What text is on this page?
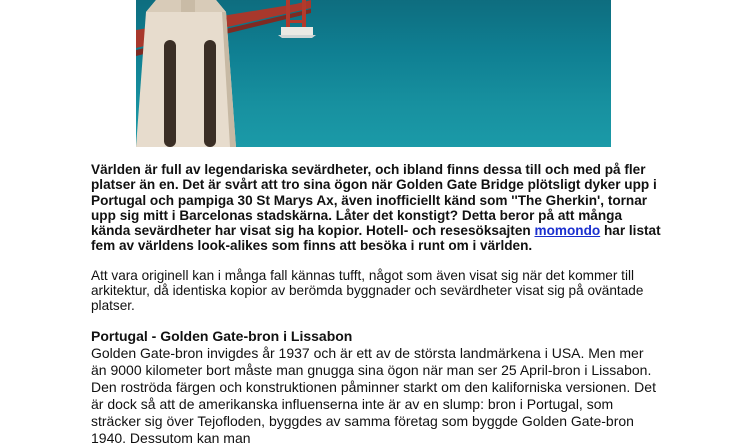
Världen är full av legendariska sevärdheter, och ibland finns dessa till och med på fler platser än en. Det är svårt att tro sina ögon när Golden Gate Bridge plötsligt dyker upp i Portugal och pampiga 30 St Marys Ax, även inofficiellt känd som ''The Gherkin', tornar upp sig mitt i Barcelonas stadskärna. Låter det konstigt? Detta beror på att många kända sevärdheter har visat sig ha kopior. Hotell- och resesöksajten momondo har listat fem av världens look-alikes som finns att besöka i runt om i världen.

Att vara originell kan i många fall kännas tufft, något som även visat sig när det kommer till arkitektur, då identiska kopior av berömda byggnader och sevärdheter visat sig på oväntade platser.

Portugal - Golden Gate-bron i Lissabon

Golden Gate-bron invigdes år 1937 och är ett av de största landmärkena i USA. Men mer än 9000 kilometer bort måste man gnugga sina ögon när man ser 25 April-bron i Lissabon. Den roströda färgen och konstruktionen påminner starkt om den kaliforniska versionen. Det är dock så att de amerikanska influenserna inte är av en slump: bron i Portugal, som sträcker sig över Tejofloden, byggdes av samma företag som byggde Golden Gate-bron 1940. Dessutom kan man
